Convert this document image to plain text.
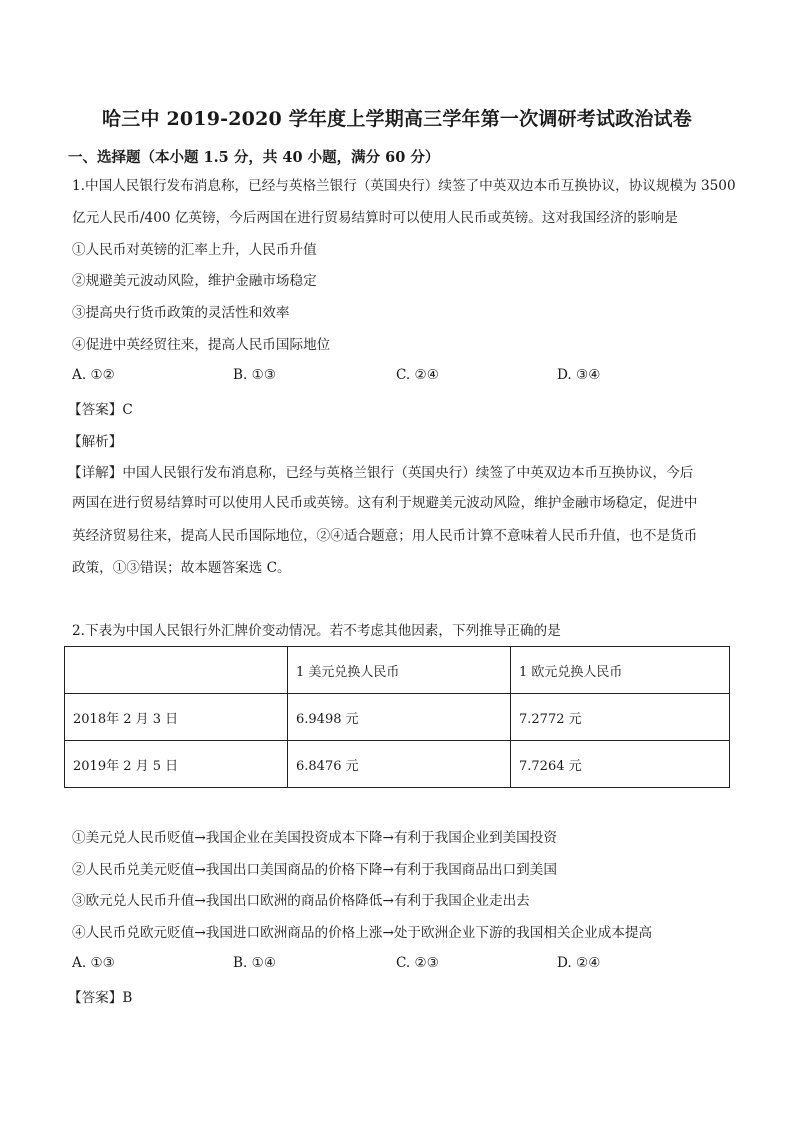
哈三中 2019-2020 学年度上学期高三学年第一次调研考试政治试卷
一、选择题（本小题 1.5 分，共 40 小题，满分 60 分）
1.中国人民银行发布消息称，已经与英格兰银行（英国央行）续签了中英双边本币互换协议，协议规模为 3500
亿元人民币/400 亿英镑，今后两国在进行贸易结算时可以使用人民币或英镑。这对我国经济的影响是
①人民币对英镑的汇率上升，人民币升值
②规避美元波动风险，维护金融市场稳定
③提高央行货币政策的灵活性和效率
④促进中英经贸往来，提高人民币国际地位
A. ①②	B. ①③	C. ②④	D. ③④
【答案】C
【解析】
【详解】中国人民银行发布消息称，已经与英格兰银行（英国央行）续签了中英双边本币互换协议，今后
两国在进行贸易结算时可以使用人民币或英镑。这有利于规避美元波动风险，维护金融市场稳定，促进中
英经济贸易往来，提高人民币国际地位，②④适合题意；用人民币计算不意味着人民币升值，也不是货币
政策，①③错误；故本题答案选 C。
2.下表为中国人民银行外汇牌价变动情况。若不考虑其他因素，下列推导正确的是
	1 美元兑换人民币	1 欧元兑换人民币
2018年 2 月 3 日	6.9498 元	7.2772 元
2019年 2 月 5 日	6.8476 元	7.7264 元
①美元兑人民币贬值→我国企业在美国投资成本下降→有利于我国企业到美国投资
②人民币兑美元贬值→我国出口美国商品的价格下降→有利于我国商品出口到美国
③欧元兑人民币升值→我国出口欧洲的商品价格降低→有利于我国企业走出去
④人民币兑欧元贬值→我国进口欧洲商品的价格上涨→处于欧洲企业下游的我国相关企业成本提高
A. ①③	B. ①④	C. ②③	D. ②④
【答案】B
